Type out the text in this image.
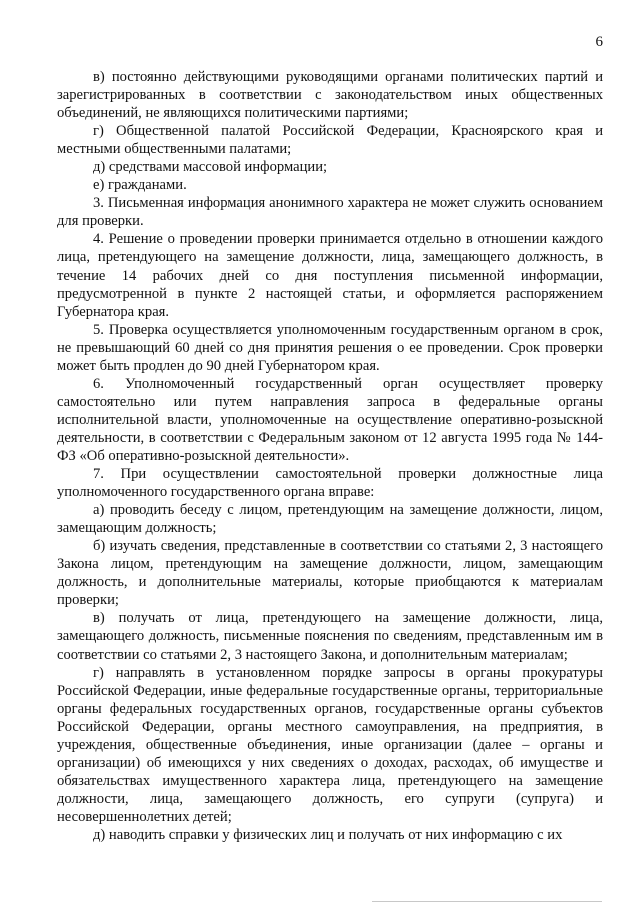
6

в) постоянно действующими руководящими органами политических партий и зарегистрированных в соответствии с законодательством иных общественных объединений, не являющихся политическими партиями;

г) Общественной палатой Российской Федерации, Красноярского края и местными общественными палатами;

д) средствами массовой информации;

е) гражданами.

3. Письменная информация анонимного характера не может служить основанием для проверки.

4. Решение о проведении проверки принимается отдельно в отношении каждого лица, претендующего на замещение должности, лица, замещающего должность, в течение 14 рабочих дней со дня поступления письменной информации, предусмотренной в пункте 2 настоящей статьи, и оформляется распоряжением Губернатора края.

5. Проверка осуществляется уполномоченным государственным органом в срок, не превышающий 60 дней со дня принятия решения о ее проведении. Срок проверки может быть продлен до 90 дней Губернатором края.

6. Уполномоченный государственный орган осуществляет проверку самостоятельно или путем направления запроса в федеральные органы исполнительной власти, уполномоченные на осуществление оперативно-розыскной деятельности, в соответствии с Федеральным законом от 12 августа 1995 года № 144-ФЗ «Об оперативно-розыскной деятельности».

7. При осуществлении самостоятельной проверки должностные лица уполномоченного государственного органа вправе:

а) проводить беседу с лицом, претендующим на замещение должности, лицом, замещающим должность;

б) изучать сведения, представленные в соответствии со статьями 2, 3 настоящего Закона лицом, претендующим на замещение должности, лицом, замещающим должность, и дополнительные материалы, которые приобщаются к материалам проверки;

в) получать от лица, претендующего на замещение должности, лица, замещающего должность, письменные пояснения по сведениям, представленным им в соответствии со статьями 2, 3 настоящего Закона, и дополнительным материалам;

г) направлять в установленном порядке запросы в органы прокуратуры Российской Федерации, иные федеральные государственные органы, территориальные органы федеральных государственных органов, государственные органы субъектов Российской Федерации, органы местного самоуправления, на предприятия, в учреждения, общественные объединения, иные организации (далее – органы и организации) об имеющихся у них сведениях о доходах, расходах, об имуществе и обязательствах имущественного характера лица, претендующего на замещение должности, лица, замещающего должность, его супруги (супруга) и несовершеннолетних детей;

д) наводить справки у физических лиц и получать от них информацию с их
